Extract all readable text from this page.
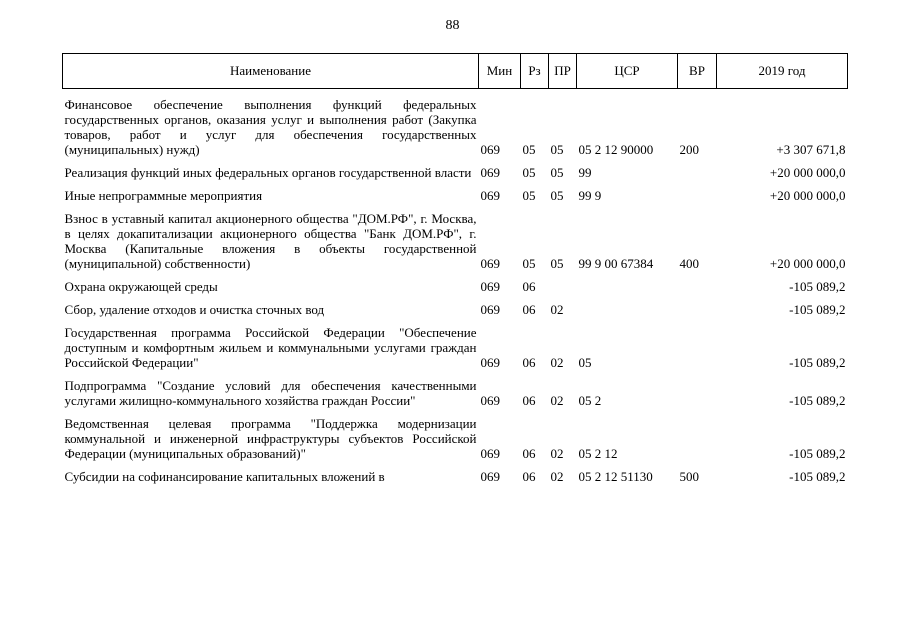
88
Наименование	Мин	Рз	ПР	ЦСР	ВР	2019 год

Финансовое обеспечение выполнения функций федеральных государственных органов, оказания услуг и выполнения работ (Закупка товаров, работ и услуг для обеспечения государственных (муниципальных) нужд)	069	05	05	05 2 12 90000	200	+3 307 671,8

Реализация функций иных федеральных органов государственной власти	069	05	05	99		+20 000 000,0

Иные непрограммные мероприятия	069	05	05	99 9		+20 000 000,0

Взнос в уставный капитал акционерного общества "ДОМ.РФ", г. Москва, в целях докапитализации акционерного общества "Банк ДОМ.РФ", г. Москва (Капитальные вложения в объекты государственной (муниципальной) собственности)	069	05	05	99 9 00 67384	400	+20 000 000,0

Охрана окружающей среды	069	06				-105 089,2

Сбор, удаление отходов и очистка сточных вод	069	06	02			-105 089,2

Государственная программа Российской Федерации "Обеспечение доступным и комфортным жильем и коммунальными услугами граждан Российской Федерации"	069	06	02	05		-105 089,2

Подпрограмма "Создание условий для обеспечения качественными услугами жилищно-коммунального хозяйства граждан России"	069	06	02	05 2		-105 089,2

Ведомственная целевая программа "Поддержка модернизации коммунальной и инженерной инфраструктуры субъектов Российской Федерации (муниципальных образований)"	069	06	02	05 2 12		-105 089,2

Субсидии на софинансирование капитальных вложений в	069	06	02	05 2 12 51130	500	-105 089,2
